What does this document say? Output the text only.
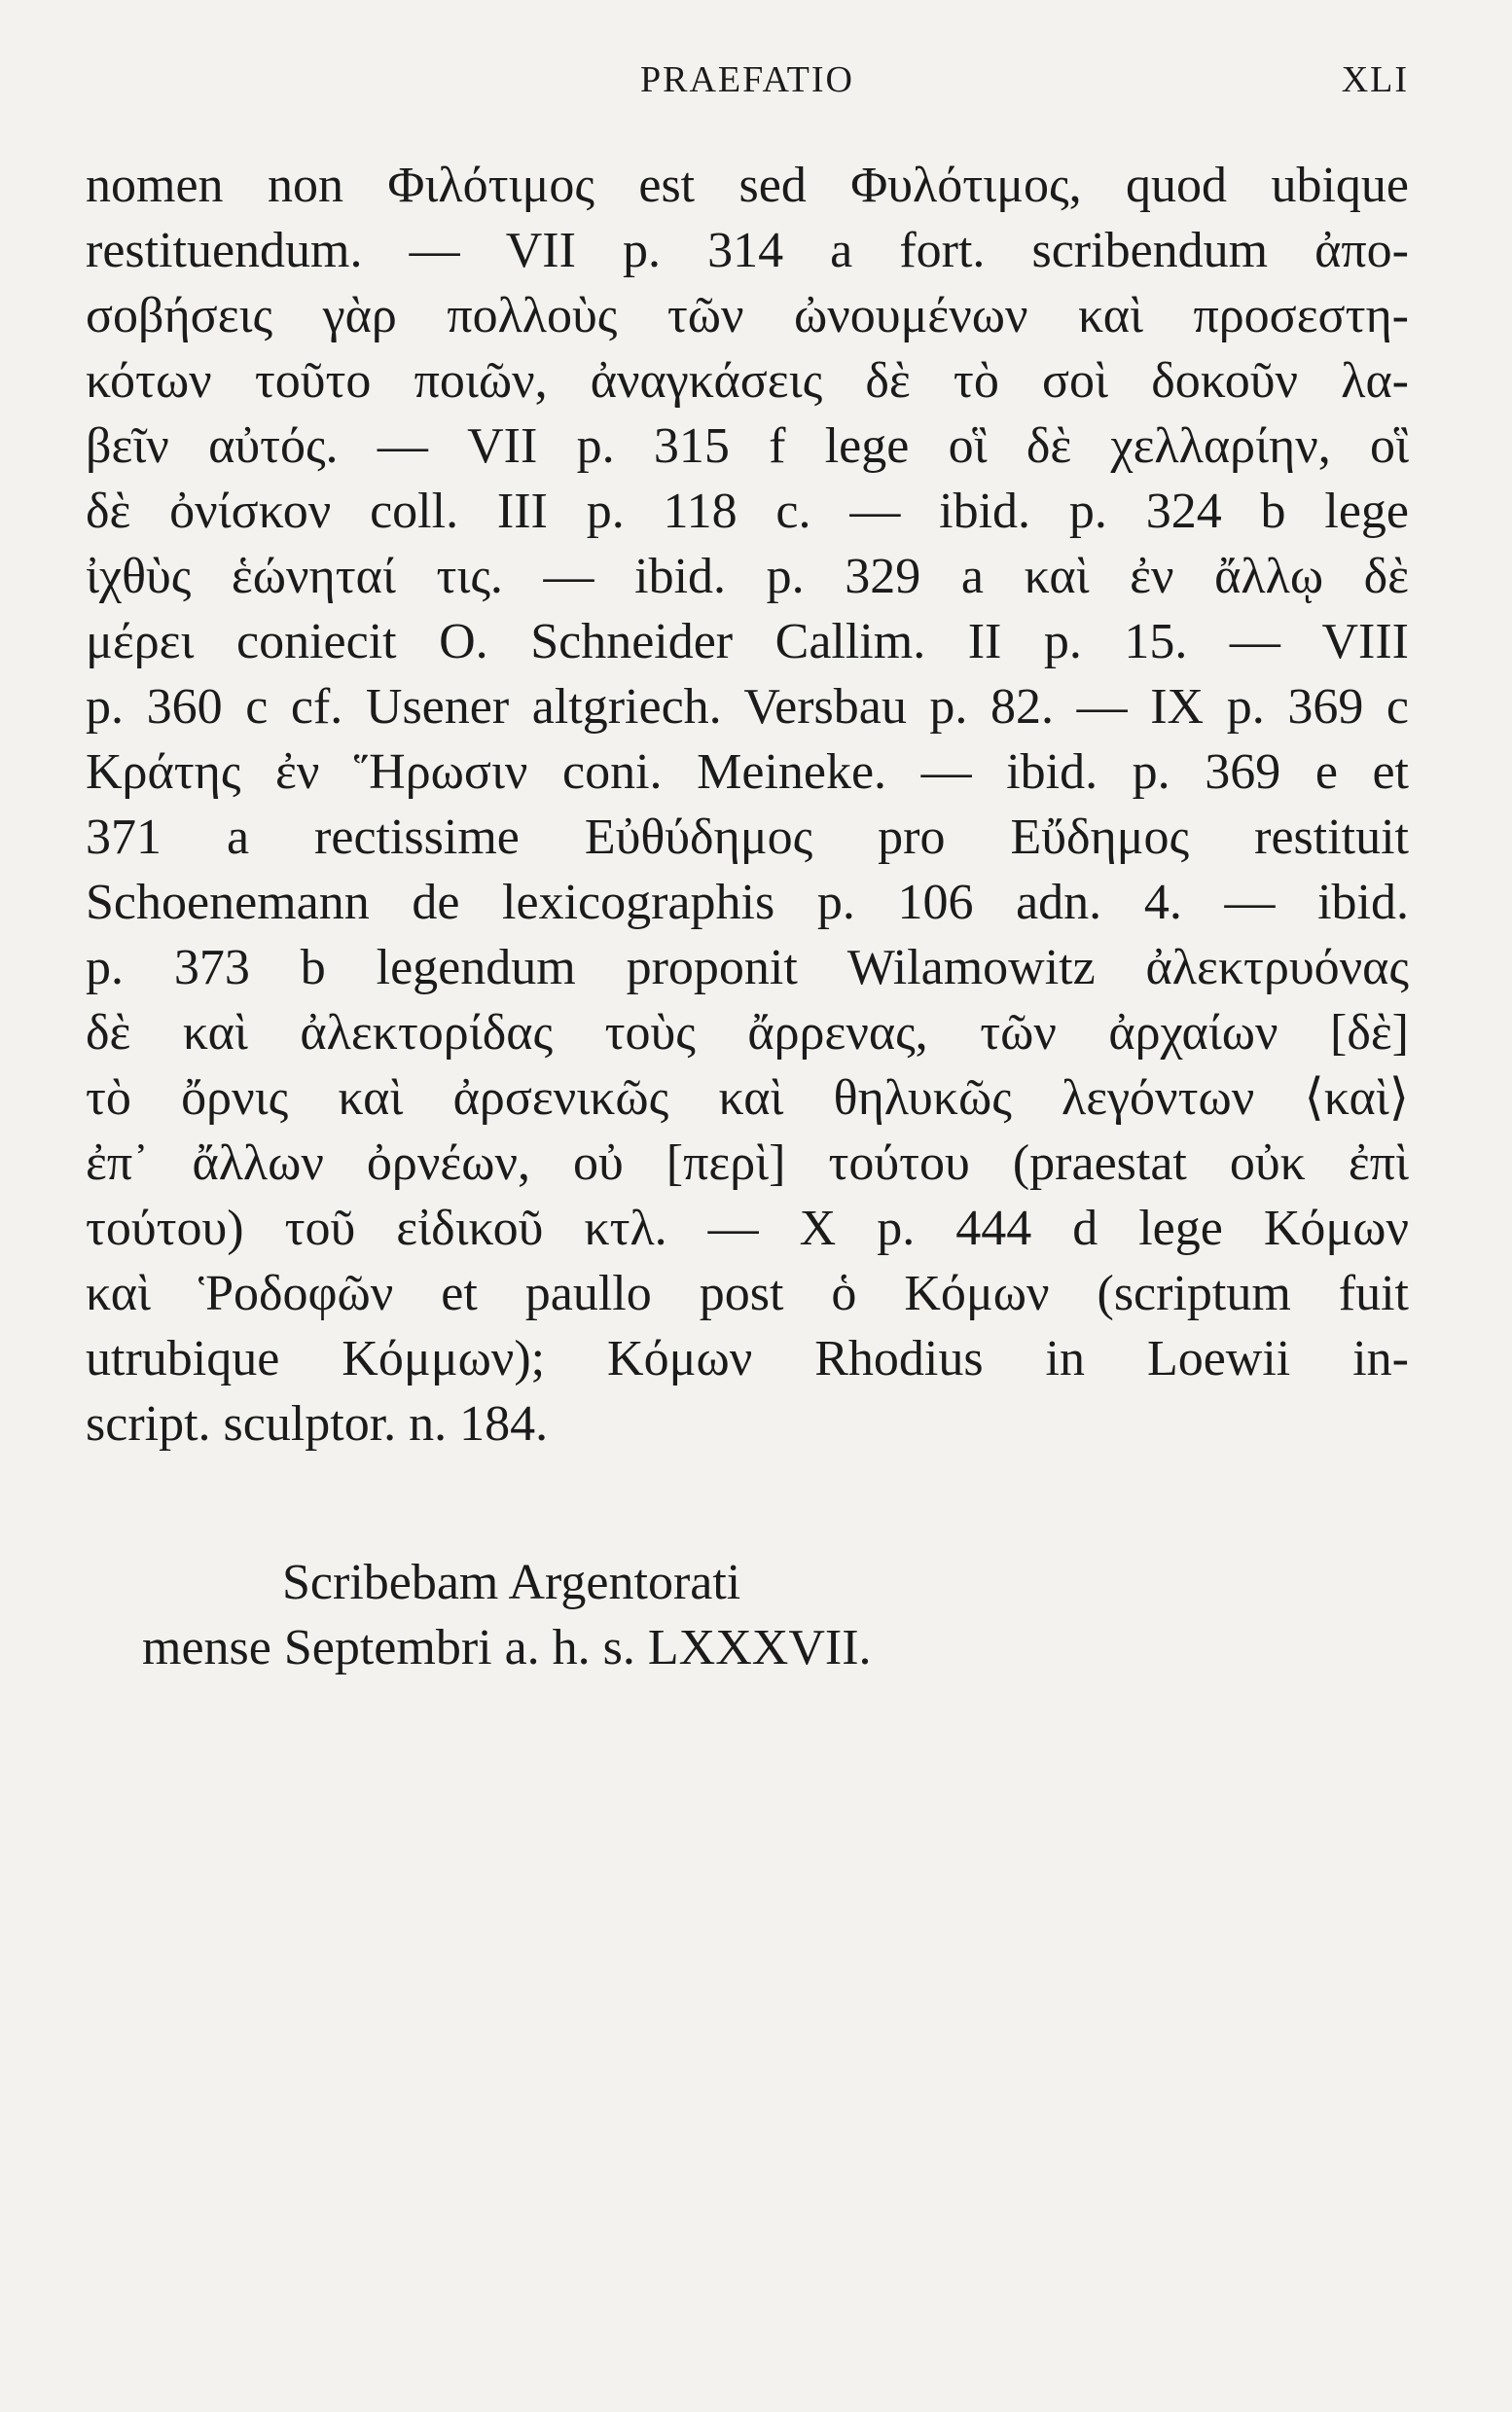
PRAEFATIO	XLI
nomen non Φιλότιμος est sed Φυλότιμος, quod ubique
restituendum. — VII p. 314 a fort. scribendum ἀπο-
σοβήσεις γὰρ πολλοὺς τῶν ὠνουμένων καὶ προσεστη-
κότων τοῦτο ποιῶν, ἀναγκάσεις δὲ τὸ σοὶ δοκοῦν λα-
βεῖν αὐτός. — VII p. 315 f lege οἳ δὲ χελλαρίην, οἳ
δὲ ὀνίσκον coll. III p. 118 c. — ibid. p. 324 b lege
ἰχθὺς ἑώνηταί τις. — ibid. p. 329 a καὶ ἐν ἄλλῳ δὲ
μέρει coniecit O. Schneider Callim. II p. 15. — VIII
p. 360 c cf. Usener altgriech. Versbau p. 82. — IX p. 369 c
Κράτης ἐν Ἥρωσιν coni. Meineke. — ibid. p. 369 e et
371 a rectissime Εὐθύδημος pro Εὔδημος restituit
Schoenemann de lexicographis p. 106 adn. 4. — ibid.
p. 373 b legendum proponit Wilamowitz ἀλεκτρυόνας
δὲ καὶ ἀλεκτορίδας τοὺς ἄρρενας, τῶν ἀρχαίων [δὲ]
τὸ ὄρνις καὶ ἀρσενικῶς καὶ θηλυκῶς λεγόντων ⟨καὶ⟩
ἐπ᾽ ἄλλων ὀρνέων, οὐ [περὶ] τούτου (praestat οὐκ ἐπὶ
τούτου) τοῦ εἰδικοῦ κτλ. — X p. 444 d lege Κόμων
καὶ Ῥοδοφῶν et paullo post ὁ Κόμων (scriptum fuit
utrubique Κόμμων); Κόμων Rhodius in Loewii in-
script. sculptor. n. 184.
Scribebam Argentorati
mense Septembri a. h. s. LXXXVII.
